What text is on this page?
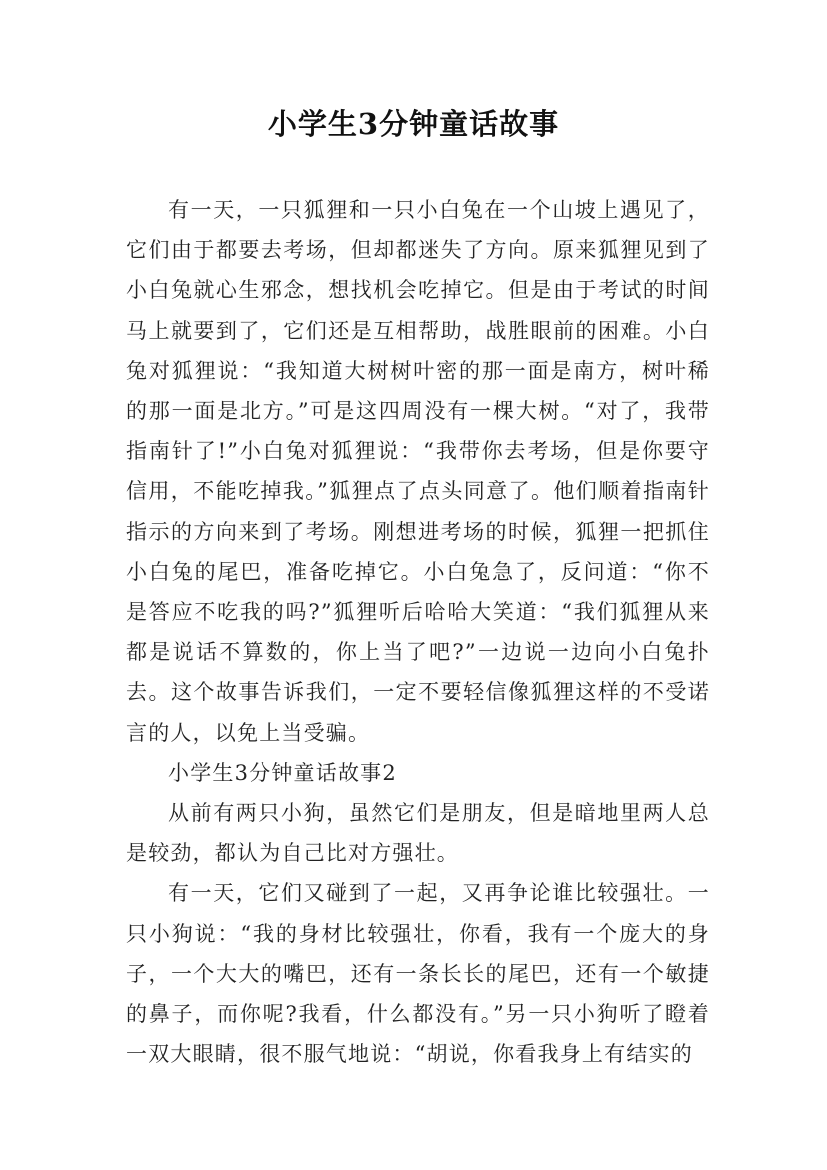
小学生3分钟童话故事

有一天，一只狐狸和一只小白兔在一个山坡上遇见了，它们由于都要去考场，但却都迷失了方向。原来狐狸见到了小白兔就心生邪念，想找机会吃掉它。但是由于考试的时间马上就要到了，它们还是互相帮助，战胜眼前的困难。小白兔对狐狸说：“我知道大树树叶密的那一面是南方，树叶稀的那一面是北方。”可是这四周没有一棵大树。“对了，我带指南针了!”小白兔对狐狸说：“我带你去考场，但是你要守信用，不能吃掉我。”狐狸点了点头同意了。他们顺着指南针指示的方向来到了考场。刚想进考场的时候，狐狸一把抓住小白兔的尾巴，准备吃掉它。小白兔急了，反问道：“你不是答应不吃我的吗?”狐狸听后哈哈大笑道：“我们狐狸从来都是说话不算数的，你上当了吧?”一边说一边向小白兔扑去。这个故事告诉我们，一定不要轻信像狐狸这样的不受诺言的人，以免上当受骗。

小学生3分钟童话故事2

从前有两只小狗，虽然它们是朋友，但是暗地里两人总是较劲，都认为自己比对方强壮。

有一天，它们又碰到了一起，又再争论谁比较强壮。一只小狗说：“我的身材比较强壮，你看，我有一个庞大的身子，一个大大的嘴巴，还有一条长长的尾巴，还有一个敏捷的鼻子，而你呢?我看，什么都没有。”另一只小狗听了瞪着一双大眼睛，很不服气地说：“胡说，你看我身上有结实的
